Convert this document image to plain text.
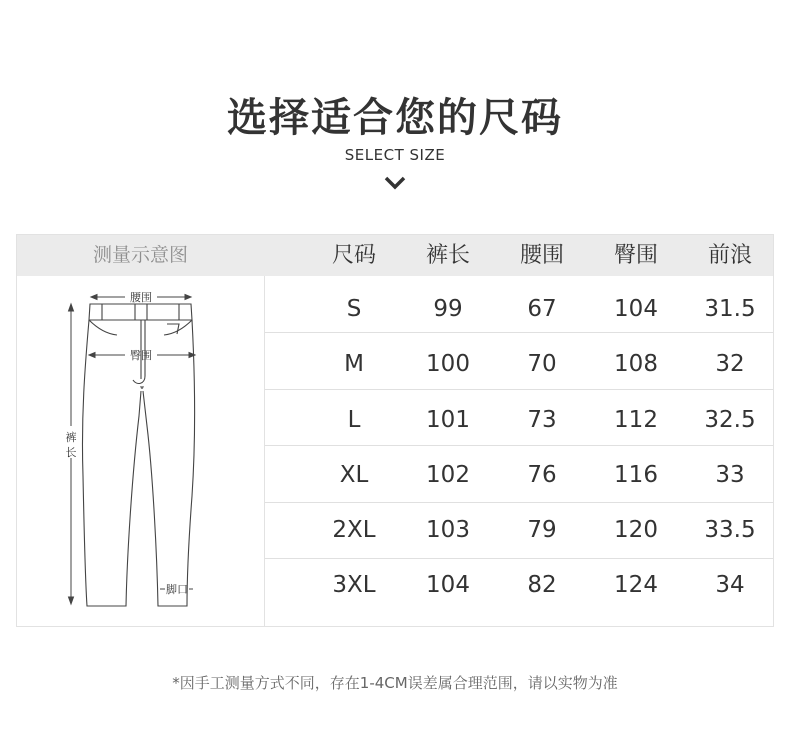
选择适合您的尺码
SELECT SIZE
测量示意图	尺码	裤长	腰围	臀围	前浪
腰围
臀围
裤
长
脚口
S	99	67	104	31.5
M	100	70	108	32
L	101	73	112	32.5
XL	102	76	116	33
2XL	103	79	120	33.5
3XL	104	82	124	34
*因手工测量方式不同，存在1-4CM误差属合理范围，请以实物为准
